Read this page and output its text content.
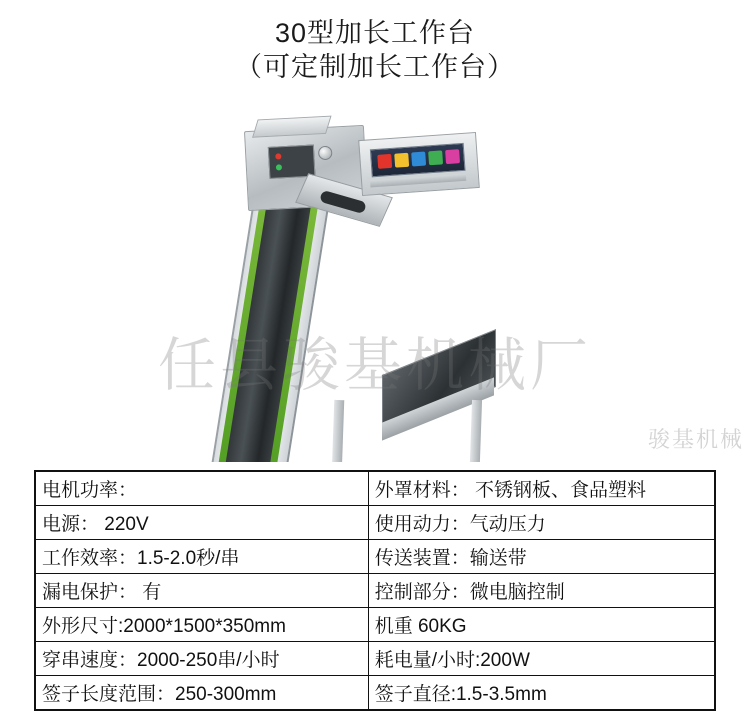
30型加长工作台
（可定制加长工作台）
任县骏基机械厂
骏基机械
电机功率：	外罩材料： 不锈钢板、食品塑料
电源： 220V	使用动力：气动压力
工作效率：1.5-2.0秒/串	传送装置：输送带
漏电保护： 有	控制部分：微电脑控制
外形尺寸:2000*1500*350mm	机重 60KG
穿串速度：2000-250串/小时	耗电量/小时:200W
签子长度范围：250-300mm	签子直径:1.5-3.5mm
